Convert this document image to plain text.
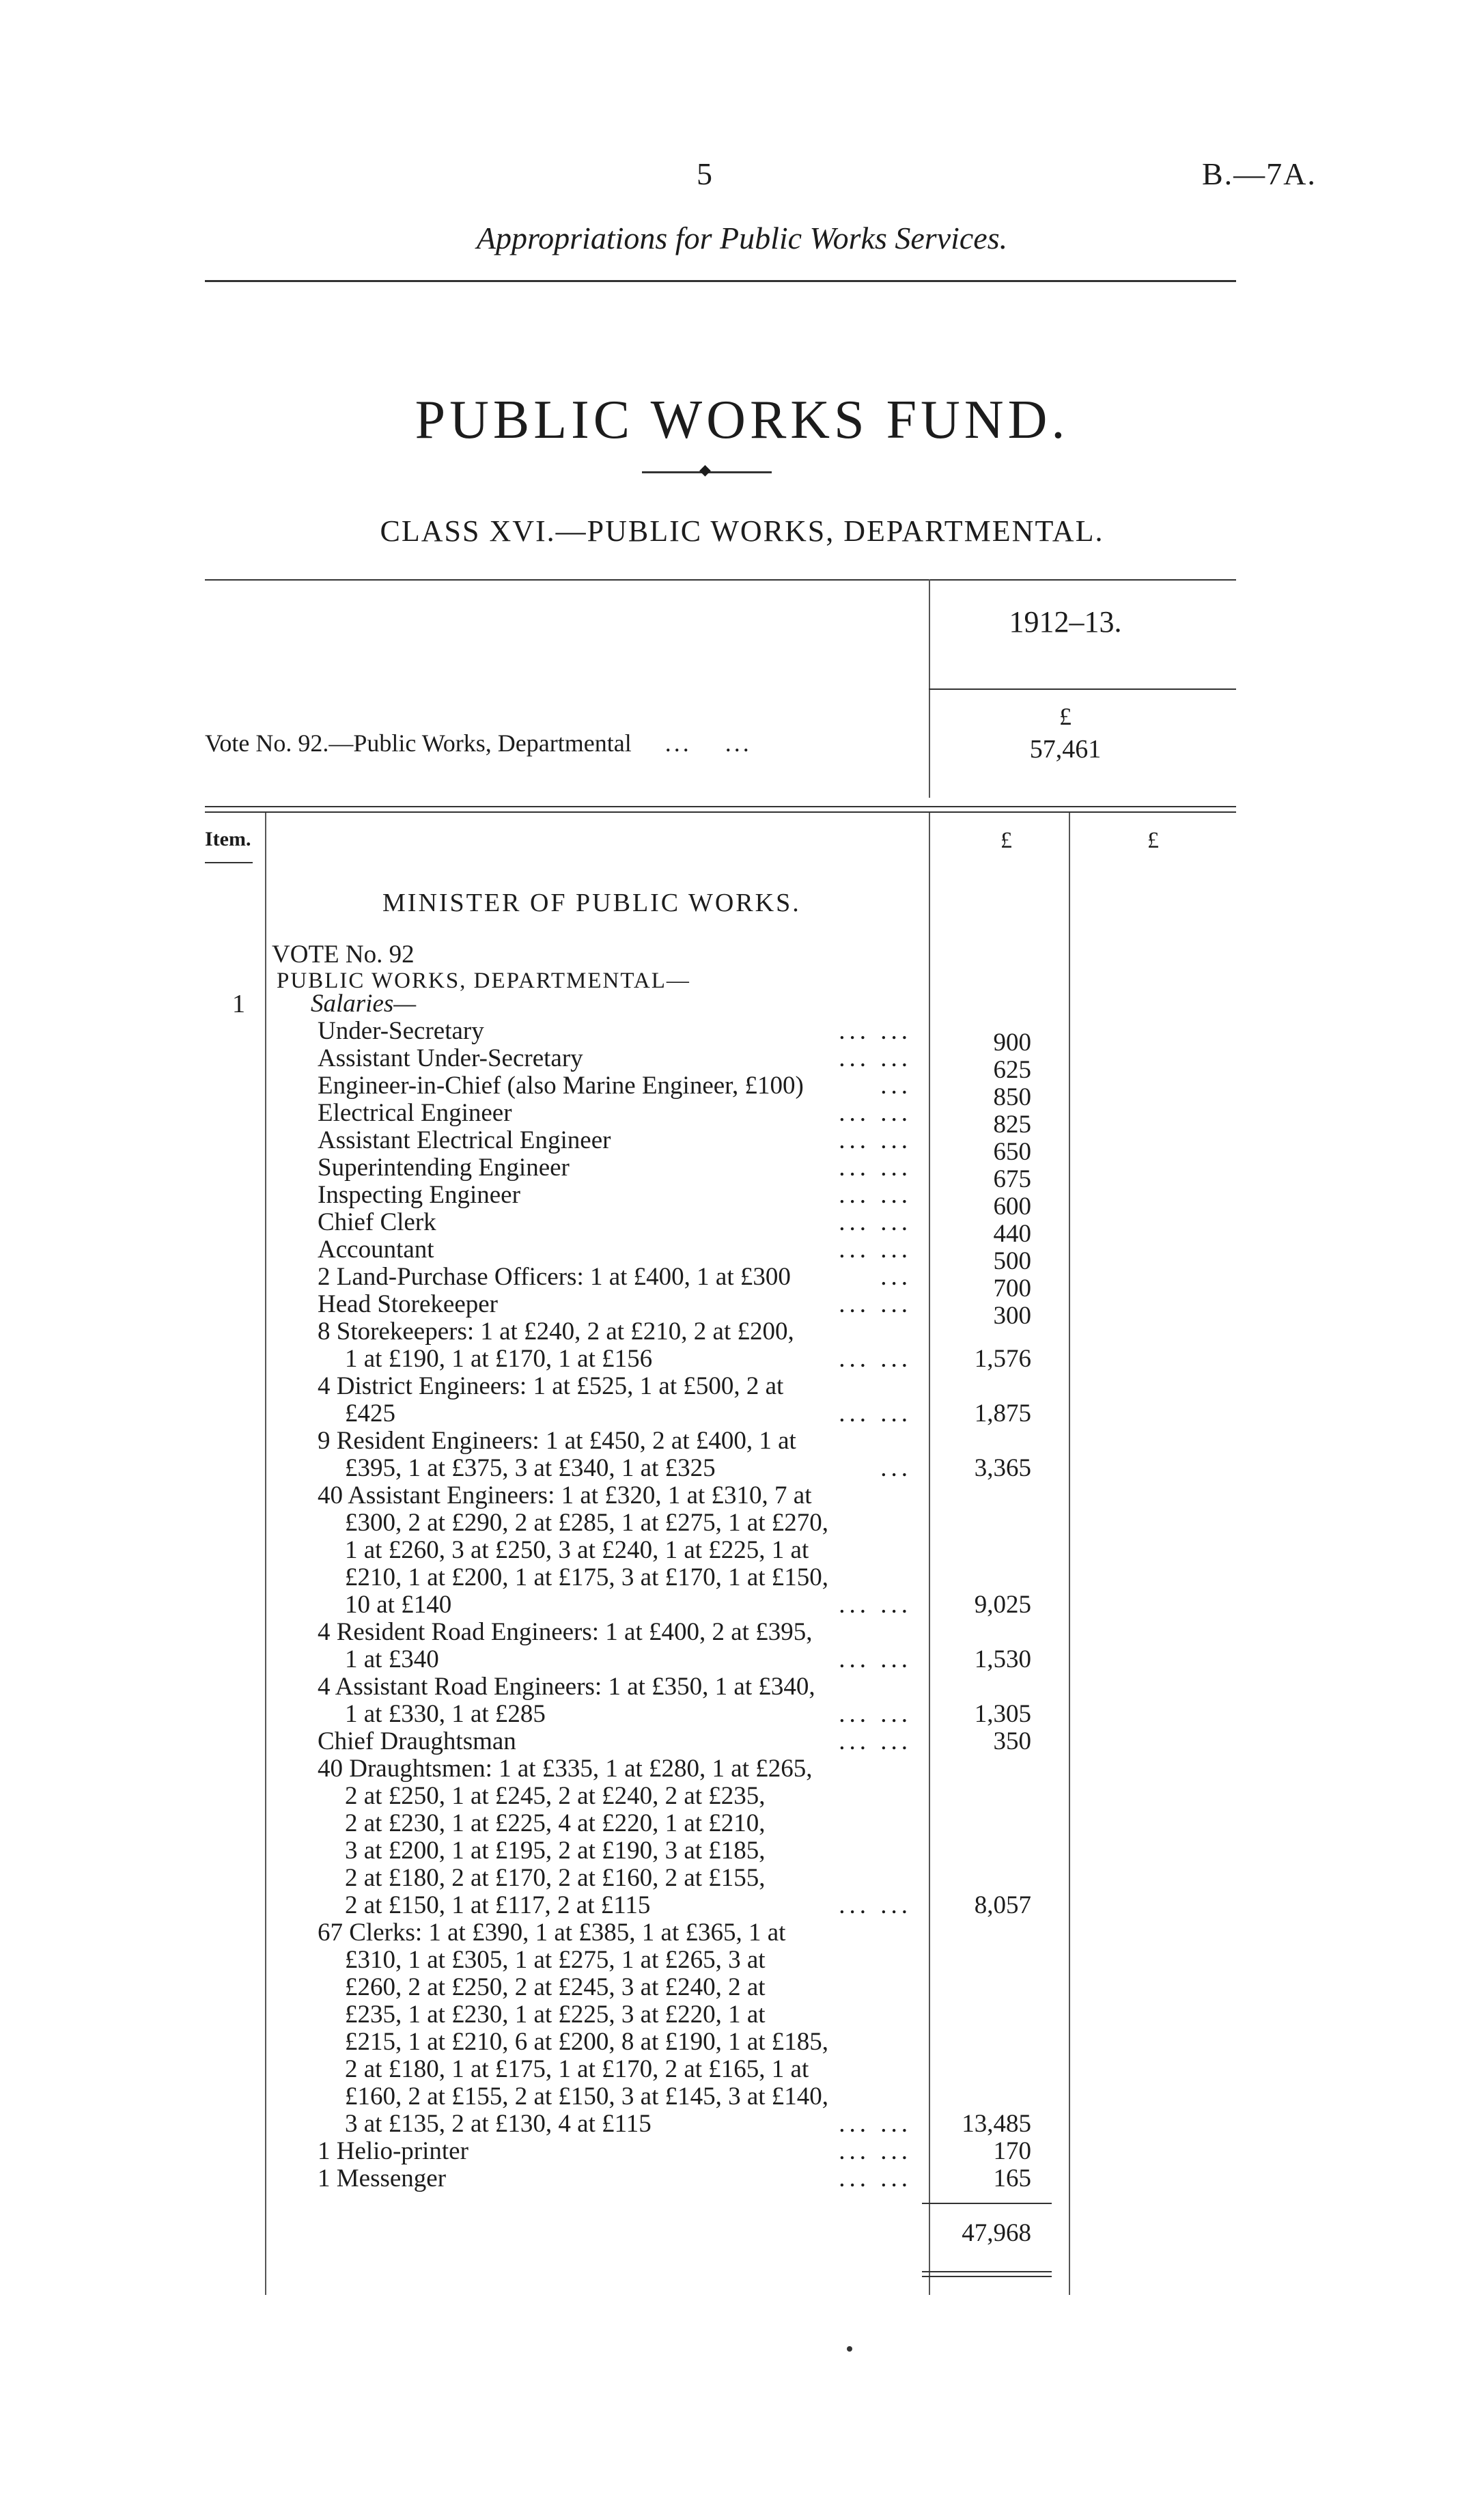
5	B.—7A.
Appropriations for Public Works Services.
PUBLIC WORKS FUND.
◆
CLASS XVI.—PUBLIC WORKS, DEPARTMENTAL.
1912–13.
£
Vote No. 92.—Public Works, Departmental ... ...	57,461
Item.	£	£
MINISTER OF PUBLIC WORKS.
VOTE No. 92
PUBLIC WORKS, DEPARTMENTAL—
1	Salaries—
Under-Secretary	... ...	900
Assistant Under-Secretary	... ...	625
Engineer-in-Chief (also Marine Engineer, £100)	...	850
Electrical Engineer	... ...	825
Assistant Electrical Engineer	... ...	650
Superintending Engineer	... ...	675
Inspecting Engineer	... ...	600
Chief Clerk	... ...	440
Accountant	... ...	500
2 Land-Purchase Officers: 1 at £400, 1 at £300	...	700
Head Storekeeper	... ...	300
8 Storekeepers: 1 at £240, 2 at £210, 2 at £200,
1 at £190, 1 at £170, 1 at £156	... ...	1,576
4 District Engineers: 1 at £525, 1 at £500, 2 at
£425	... ...	1,875
9 Resident Engineers: 1 at £450, 2 at £400, 1 at
£395, 1 at £375, 3 at £340, 1 at £325	...	3,365
40 Assistant Engineers: 1 at £320, 1 at £310, 7 at
£300, 2 at £290, 2 at £285, 1 at £275, 1 at £270,
1 at £260, 3 at £250, 3 at £240, 1 at £225, 1 at
£210, 1 at £200, 1 at £175, 3 at £170, 1 at £150,
10 at £140	... ...	9,025
4 Resident Road Engineers: 1 at £400, 2 at £395,
1 at £340	... ...	1,530
4 Assistant Road Engineers: 1 at £350, 1 at £340,
1 at £330, 1 at £285	... ...	1,305
Chief Draughtsman	... ...	350
40 Draughtsmen: 1 at £335, 1 at £280, 1 at £265,
2 at £250, 1 at £245, 2 at £240, 2 at £235,
2 at £230, 1 at £225, 4 at £220, 1 at £210,
3 at £200, 1 at £195, 2 at £190, 3 at £185,
2 at £180, 2 at £170, 2 at £160, 2 at £155,
2 at £150, 1 at £117, 2 at £115	... ...	8,057
67 Clerks: 1 at £390, 1 at £385, 1 at £365, 1 at
£310, 1 at £305, 1 at £275, 1 at £265, 3 at
£260, 2 at £250, 2 at £245, 3 at £240, 2 at
£235, 1 at £230, 1 at £225, 3 at £220, 1 at
£215, 1 at £210, 6 at £200, 8 at £190, 1 at £185,
2 at £180, 1 at £175, 1 at £170, 2 at £165, 1 at
£160, 2 at £155, 2 at £150, 3 at £145, 3 at £140,
3 at £135, 2 at £130, 4 at £115	... ...	13,485
1 Helio-printer	... ...	170
1 Messenger	... ...	165
47,968
